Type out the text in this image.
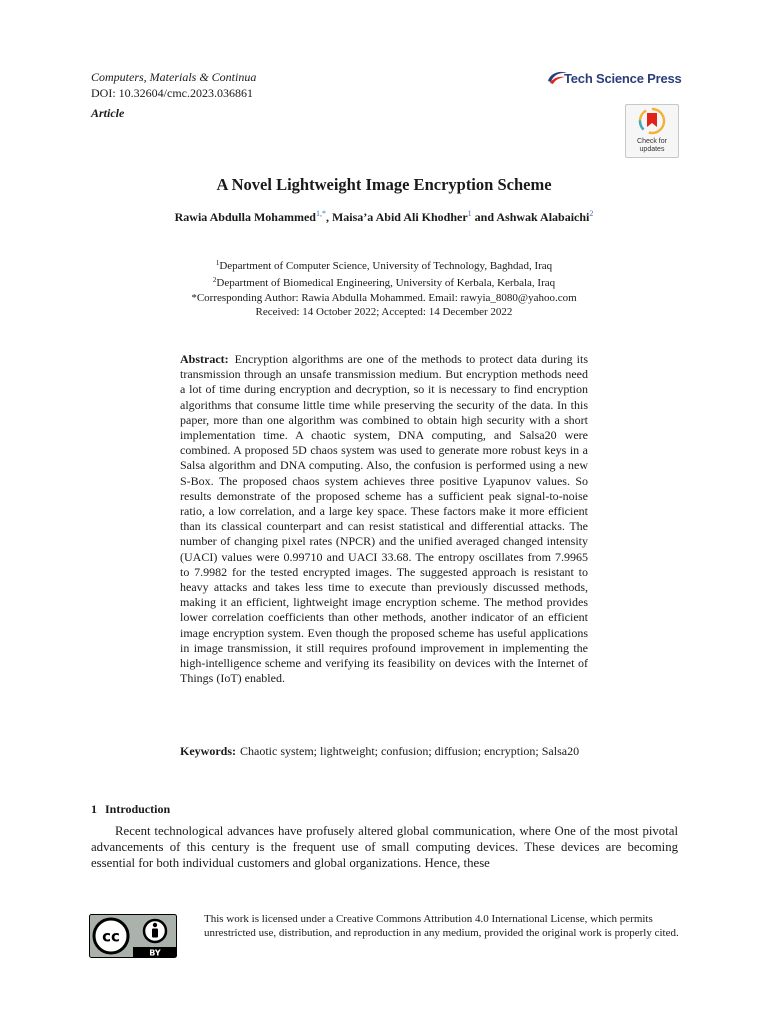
Computers, Materials & Continua
DOI: 10.32604/cmc.2023.036861
Article
Tech Science Press
Check for
updates
A Novel Lightweight Image Encryption Scheme
Rawia Abdulla Mohammed$^{1,*}$, Maisa’a Abid Ali Khodher$^1$ and Ashwak Alabaichi$^2$
$^1$Department of Computer Science, University of Technology, Baghdad, Iraq
$^2$Department of Biomedical Engineering, University of Kerbala, Kerbala, Iraq
*Corresponding Author: Rawia Abdulla Mohammed. Email: rawyia_8080@yahoo.com
Received: 14 October 2022; Accepted: 14 December 2022
Abstract: Encryption algorithms are one of the methods to protect data during its transmission through an unsafe transmission medium. But encryption methods need a lot of time during encryption and decryption, so it is necessary to find encryption algorithms that consume little time while preserving the security of the data. In this paper, more than one algorithm was combined to obtain high security with a short implementation time. A chaotic system, DNA computing, and Salsa20 were combined. A proposed 5D chaos system was used to generate more robust keys in a Salsa algorithm and DNA computing. Also, the confusion is performed using a new S-Box. The proposed chaos system achieves three positive Lyapunov values. So results demonstrate of the proposed scheme has a sufficient peak signal-to-noise ratio, a low correlation, and a large key space. These factors make it more efficient than its classical counterpart and can resist statistical and differential attacks. The number of changing pixel rates (NPCR) and the unified averaged changed intensity (UACI) values were 0.99710 and UACI 33.68. The entropy oscillates from 7.9965 to 7.9982 for the tested encrypted images. The suggested approach is resistant to heavy attacks and takes less time to execute than previously discussed methods, making it an efficient, lightweight image encryption scheme. The method provides lower correlation coefficients than other methods, another indicator of an efficient image encryption system. Even though the proposed scheme has useful applications in image transmission, it still requires profound improvement in implementing the high-intelligence scheme and verifying its feasibility on devices with the Internet of Things (IoT) enabled.
Keywords: Chaotic system; lightweight; confusion; diffusion; encryption; Salsa20
1 Introduction
Recent technological advances have profusely altered global communication, where One of the most pivotal advancements of this century is the frequent use of small computing devices. These devices are becoming essential for both individual customers and global organizations. Hence, these
cc
BY
This work is licensed under a Creative Commons Attribution 4.0 International License, which permits unrestricted use, distribution, and reproduction in any medium, provided the original work is properly cited.
